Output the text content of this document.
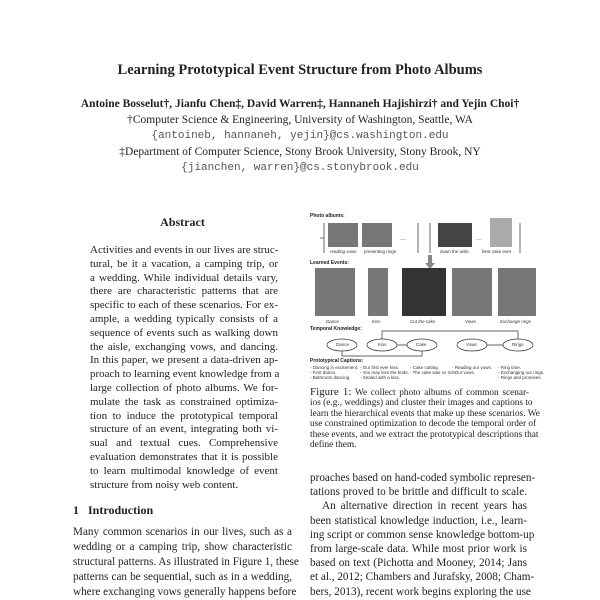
Learning Prototypical Event Structure from Photo Albums
Antoine Bosselut†, Jianfu Chen‡, David Warren‡, Hannaneh Hajishirzi† and Yejin Choi†
†Computer Science & Engineering, University of Washington, Seattle, WA
{antoineb, hannaneh, yejin}@cs.washington.edu
‡Department of Computer Science, Stony Brook University, Stony Brook, NY
{jianchen, warren}@cs.stonybrook.edu
Abstract
Activities and events in our lives are struc-
tural, be it a vacation, a camping trip, or
a wedding. While individual details vary,
there are characteristic patterns that are
specific to each of these scenarios. For ex-
ample, a wedding typically consists of a
sequence of events such as walking down
the aisle, exchanging vows, and dancing.
In this paper, we present a data-driven ap-
proach to learning event knowledge from a
large collection of photo albums. We for-
mulate the task as constrained optimiza-
tion to induce the prototypical temporal
structure of an event, integrating both vi-
sual and textual cues. Comprehensive
evaluation demonstrates that it is possible
to learn multimodal knowledge of event
structure from noisy web content.
1   Introduction
Many common scenarios in our lives, such as a
wedding or a camping trip, show characteristic
structural patterns. As illustrated in Figure 1, these
patterns can be sequential, such as in a wedding,
where exchanging vows generally happens before
Photo albums:
reading vows presenting rings	down the aisle	best cake ever
···	···
Learned Events:
Dance	Kiss	Cut the cake	Vows	Exchange rings
Temporal Knowledge:
Dance	Kiss	Cake	Vows	Rings
Prototypical Captions:
- Dancing in excitement.
- First dance.
- Bathroom dancing.
- Our first ever kiss.
- You may kiss the bride.
- Sealed with a kiss.
- Cake cutting.
- The cake was so rich.
- Reading our vows.
- Our vows.
- Ring time.
- Exchanging our rings.
- Rings and promises.
Figure 1: We collect photo albums of common scenar-
ios (e.g., weddings) and cluster their images and captions to
learn the hierarchical events that make up these scenarios. We
use constrained optimization to decode the temporal order of
these events, and we extract the prototypical descriptions that
define them.
proaches based on hand-coded symbolic represen-
tations proved to be brittle and difficult to scale.
An alternative direction in recent years has
been statistical knowledge induction, i.e., learn-
ing script or common sense knowledge bottom-up
from large-scale data. While most prior work is
based on text (Pichotta and Mooney, 2014; Jans
et al., 2012; Chambers and Jurafsky, 2008; Cham-
bers, 2013), recent work begins exploring the use
